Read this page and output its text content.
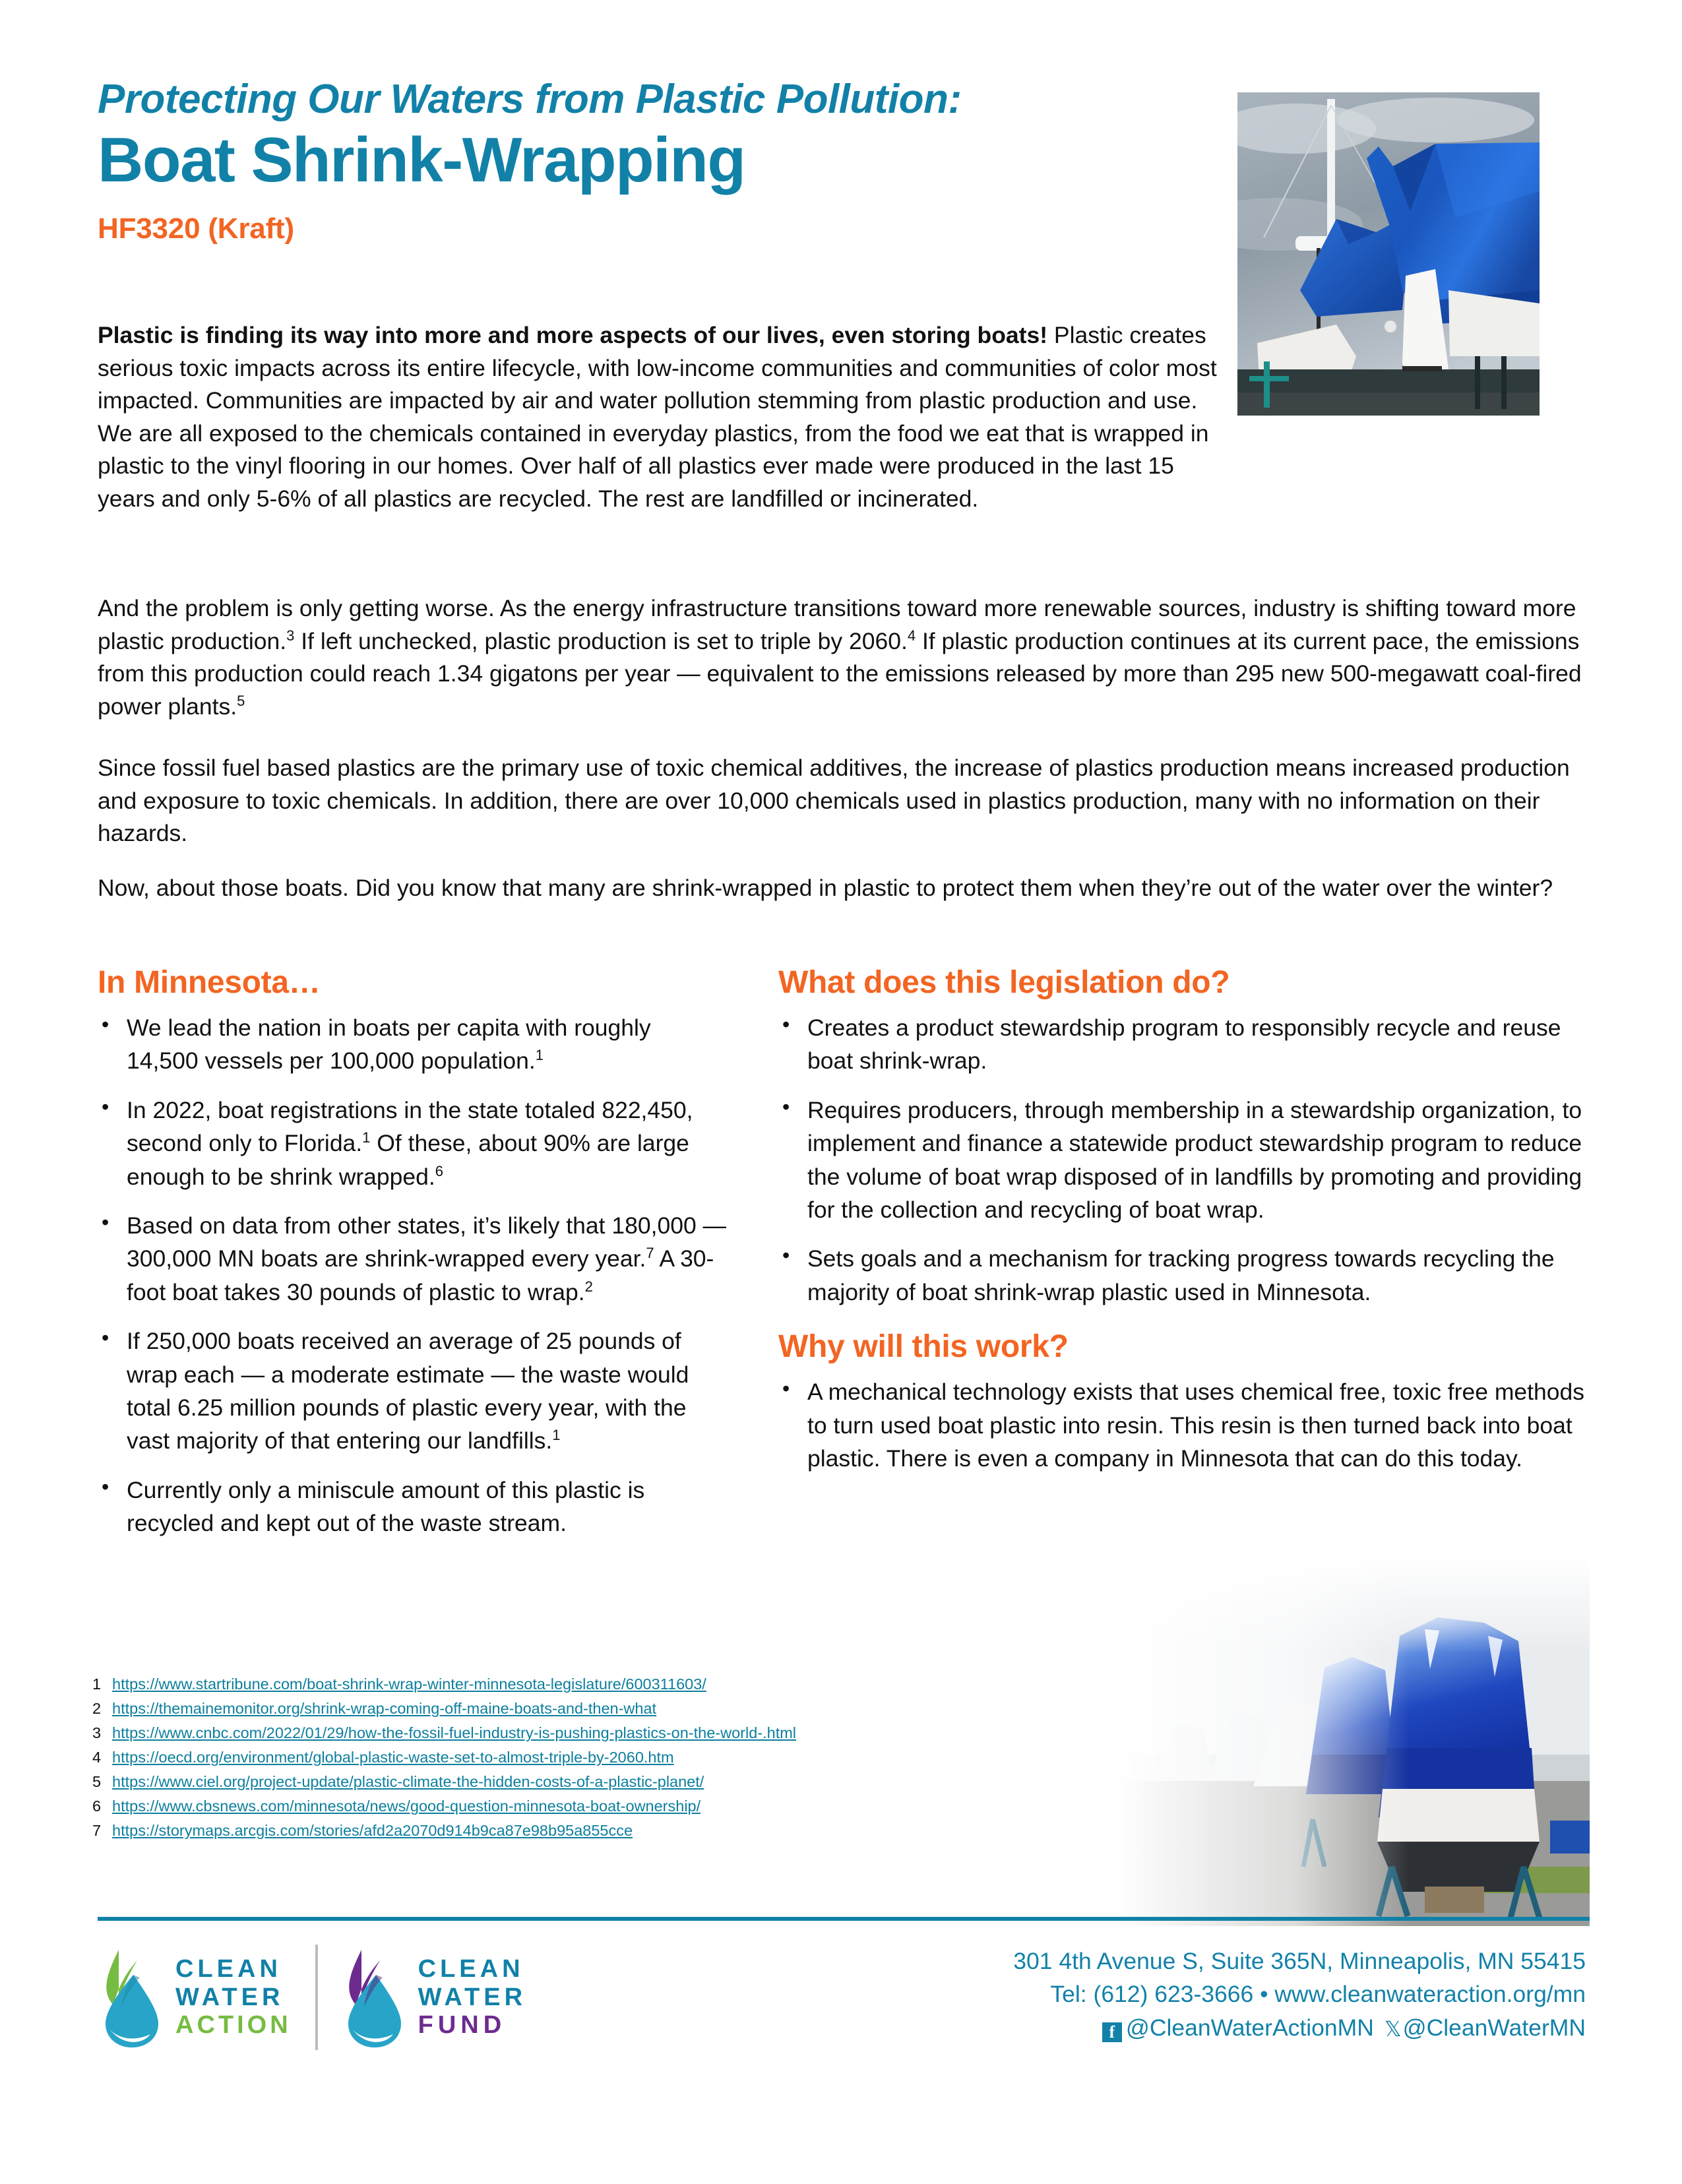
Protecting Our Waters from Plastic Pollution:
Boat Shrink-Wrapping
HF3320 (Kraft)
Plastic is finding its way into more and more aspects of our lives, even storing boats! Plastic creates serious toxic impacts across its entire lifecycle, with low-income communities and communities of color most impacted. Communities are impacted by air and water pollution stemming from plastic production and use. We are all exposed to the chemicals contained in everyday plastics, from the food we eat that is wrapped in plastic to the vinyl flooring in our homes. Over half of all plastics ever made were produced in the last 15 years and only 5-6% of all plastics are recycled. The rest are landfilled or incinerated.
And the problem is only getting worse. As the energy infrastructure transitions toward more renewable sources, industry is shifting toward more plastic production.$^3$ If left unchecked, plastic production is set to triple by 2060.$^4$ If plastic production continues at its current pace, the emissions from this production could reach 1.34 gigatons per year — equivalent to the emissions released by more than 295 new 500-megawatt coal-fired power plants.$^5$
Since fossil fuel based plastics are the primary use of toxic chemical additives, the increase of plastics production means increased production and exposure to toxic chemicals. In addition, there are over 10,000 chemicals used in plastics production, many with no information on their hazards.
Now, about those boats. Did you know that many are shrink-wrapped in plastic to protect them when they’re out of the water over the winter?
In Minnesota…
• We lead the nation in boats per capita with roughly 14,500 vessels per 100,000 population.$^1$
• In 2022, boat registrations in the state totaled 822,450, second only to Florida.$^1$ Of these, about 90% are large enough to be shrink wrapped.$^6$
• Based on data from other states, it’s likely that 180,000 — 300,000 MN boats are shrink-wrapped every year.$^7$ A 30-foot boat takes 30 pounds of plastic to wrap.$^2$
• If 250,000 boats received an average of 25 pounds of wrap each — a moderate estimate — the waste would total 6.25 million pounds of plastic every year, with the vast majority of that entering our landfills.$^1$
• Currently only a miniscule amount of this plastic is recycled and kept out of the waste stream.
What does this legislation do?
• Creates a product stewardship program to responsibly recycle and reuse boat shrink-wrap.
• Requires producers, through membership in a stewardship organization, to implement and finance a statewide product stewardship program to reduce the volume of boat wrap disposed of in landfills by promoting and providing for the collection and recycling of boat wrap.
• Sets goals and a mechanism for tracking progress towards recycling the majority of boat shrink-wrap plastic used in Minnesota.
Why will this work?
• A mechanical technology exists that uses chemical free, toxic free methods to turn used boat plastic into resin. This resin is then turned back into boat plastic. There is even a company in Minnesota that can do this today.
1 https://www.startribune.com/boat-shrink-wrap-winter-minnesota-legislature/600311603/
2 https://themainemonitor.org/shrink-wrap-coming-off-maine-boats-and-then-what
3 https://www.cnbc.com/2022/01/29/how-the-fossil-fuel-industry-is-pushing-plastics-on-the-world-.html
4 https://oecd.org/environment/global-plastic-waste-set-to-almost-triple-by-2060.htm
5 https://www.ciel.org/project-update/plastic-climate-the-hidden-costs-of-a-plastic-planet/
6 https://www.cbsnews.com/minnesota/news/good-question-minnesota-boat-ownership/
7 https://storymaps.arcgis.com/stories/afd2a2070d914b9ca87e98b95a855cce
CLEAN
WATER
ACTION
CLEAN
WATER
FUND
301 4th Avenue S, Suite 365N, Minneapolis, MN 55415
Tel: (612) 623-3666 • www.cleanwateraction.org/mn
f @CleanWaterActionMN 𝕏@CleanWaterMN
